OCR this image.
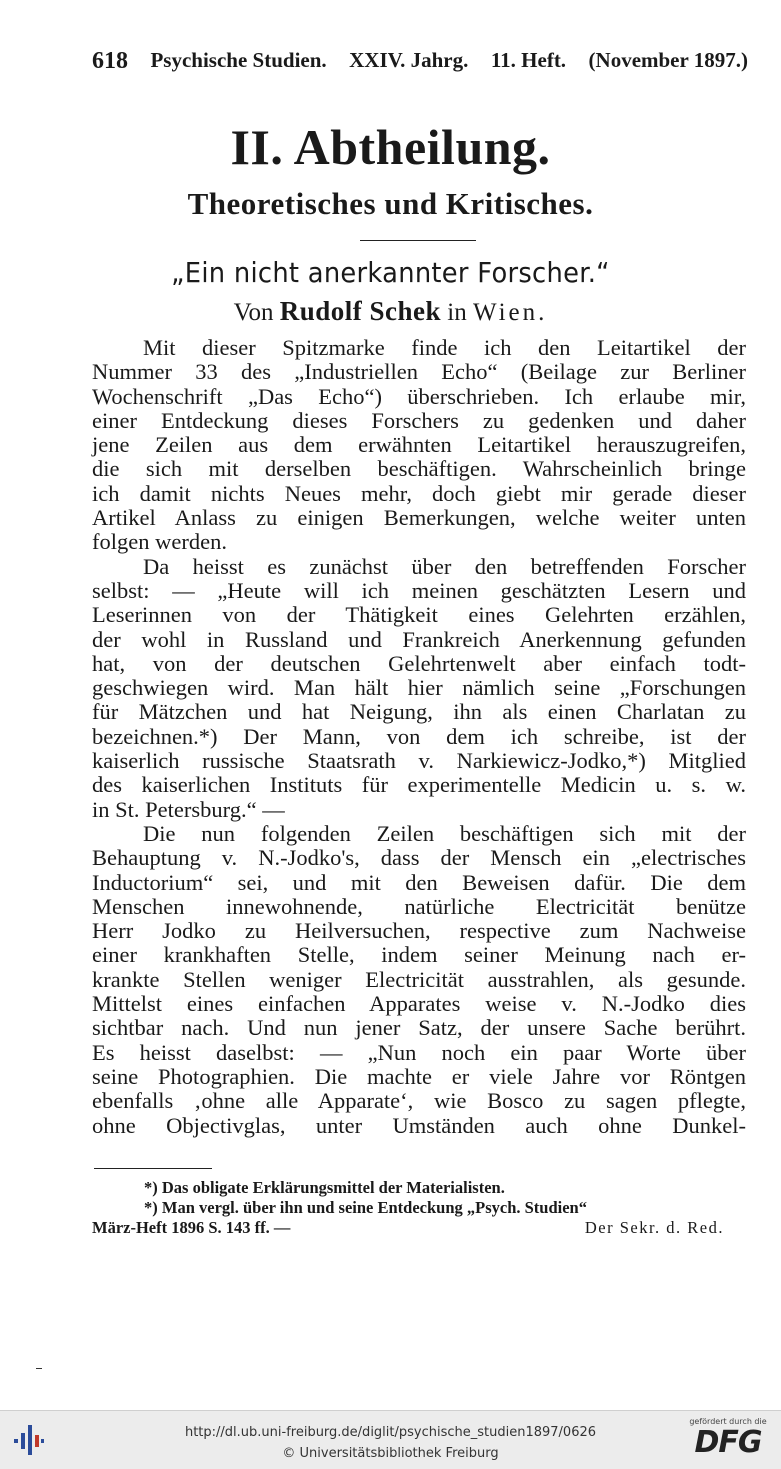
618 Psychische Studien. XXIV. Jahrg. 11. Heft. (November 1897.)
II. Abtheilung.
Theoretisches und Kritisches.
„Ein nicht anerkannter Forscher.“
Von Rudolf Schek in Wien.
Mit dieser Spitzmarke finde ich den Leitartikel der
Nummer 33 des „Industriellen Echo“ (Beilage zur Berliner
Wochenschrift „Das Echo“) überschrieben. Ich erlaube mir,
einer Entdeckung dieses Forschers zu gedenken und daher
jene Zeilen aus dem erwähnten Leitartikel herauszugreifen,
die sich mit derselben beschäftigen. Wahrscheinlich bringe
ich damit nichts Neues mehr, doch giebt mir gerade dieser
Artikel Anlass zu einigen Bemerkungen, welche weiter unten
folgen werden.
Da heisst es zunächst über den betreffenden Forscher
selbst: — „Heute will ich meinen geschätzten Lesern und
Leserinnen von der Thätigkeit eines Gelehrten erzählen,
der wohl in Russland und Frankreich Anerkennung gefunden
hat, von der deutschen Gelehrtenwelt aber einfach todt-
geschwiegen wird. Man hält hier nämlich seine „Forschungen
für Mätzchen und hat Neigung, ihn als einen Charlatan zu
bezeichnen.*) Der Mann, von dem ich schreibe, ist der
kaiserlich russische Staatsrath v. Narkiewicz-Jodko,*) Mitglied
des kaiserlichen Instituts für experimentelle Medicin u. s. w.
in St. Petersburg.“ —
Die nun folgenden Zeilen beschäftigen sich mit der
Behauptung v. N.-Jodko's, dass der Mensch ein „electrisches
Inductorium“ sei, und mit den Beweisen dafür. Die dem
Menschen innewohnende, natürliche Electricität benütze
Herr Jodko zu Heilversuchen, respective zum Nachweise
einer krankhaften Stelle, indem seiner Meinung nach er-
krankte Stellen weniger Electricität ausstrahlen, als gesunde.
Mittelst eines einfachen Apparates weise v. N.-Jodko dies
sichtbar nach. Und nun jener Satz, der unsere Sache berührt.
Es heisst daselbst: — „Nun noch ein paar Worte über
seine Photographien. Die machte er viele Jahre vor Röntgen
ebenfalls ‚ohne alle Apparate‘, wie Bosco zu sagen pflegte,
ohne Objectivglas, unter Umständen auch ohne Dunkel-
*) Das obligate Erklärungsmittel der Materialisten.
*) Man vergl. über ihn und seine Entdeckung „Psych. Studien“
März-Heft 1896 S. 143 ff. —	Der Sekr. d. Red.
http://dl.ub.uni-freiburg.de/diglit/psychische_studien1897/0626
© Universitätsbibliothek Freiburg
gefördert durch die
DFG
